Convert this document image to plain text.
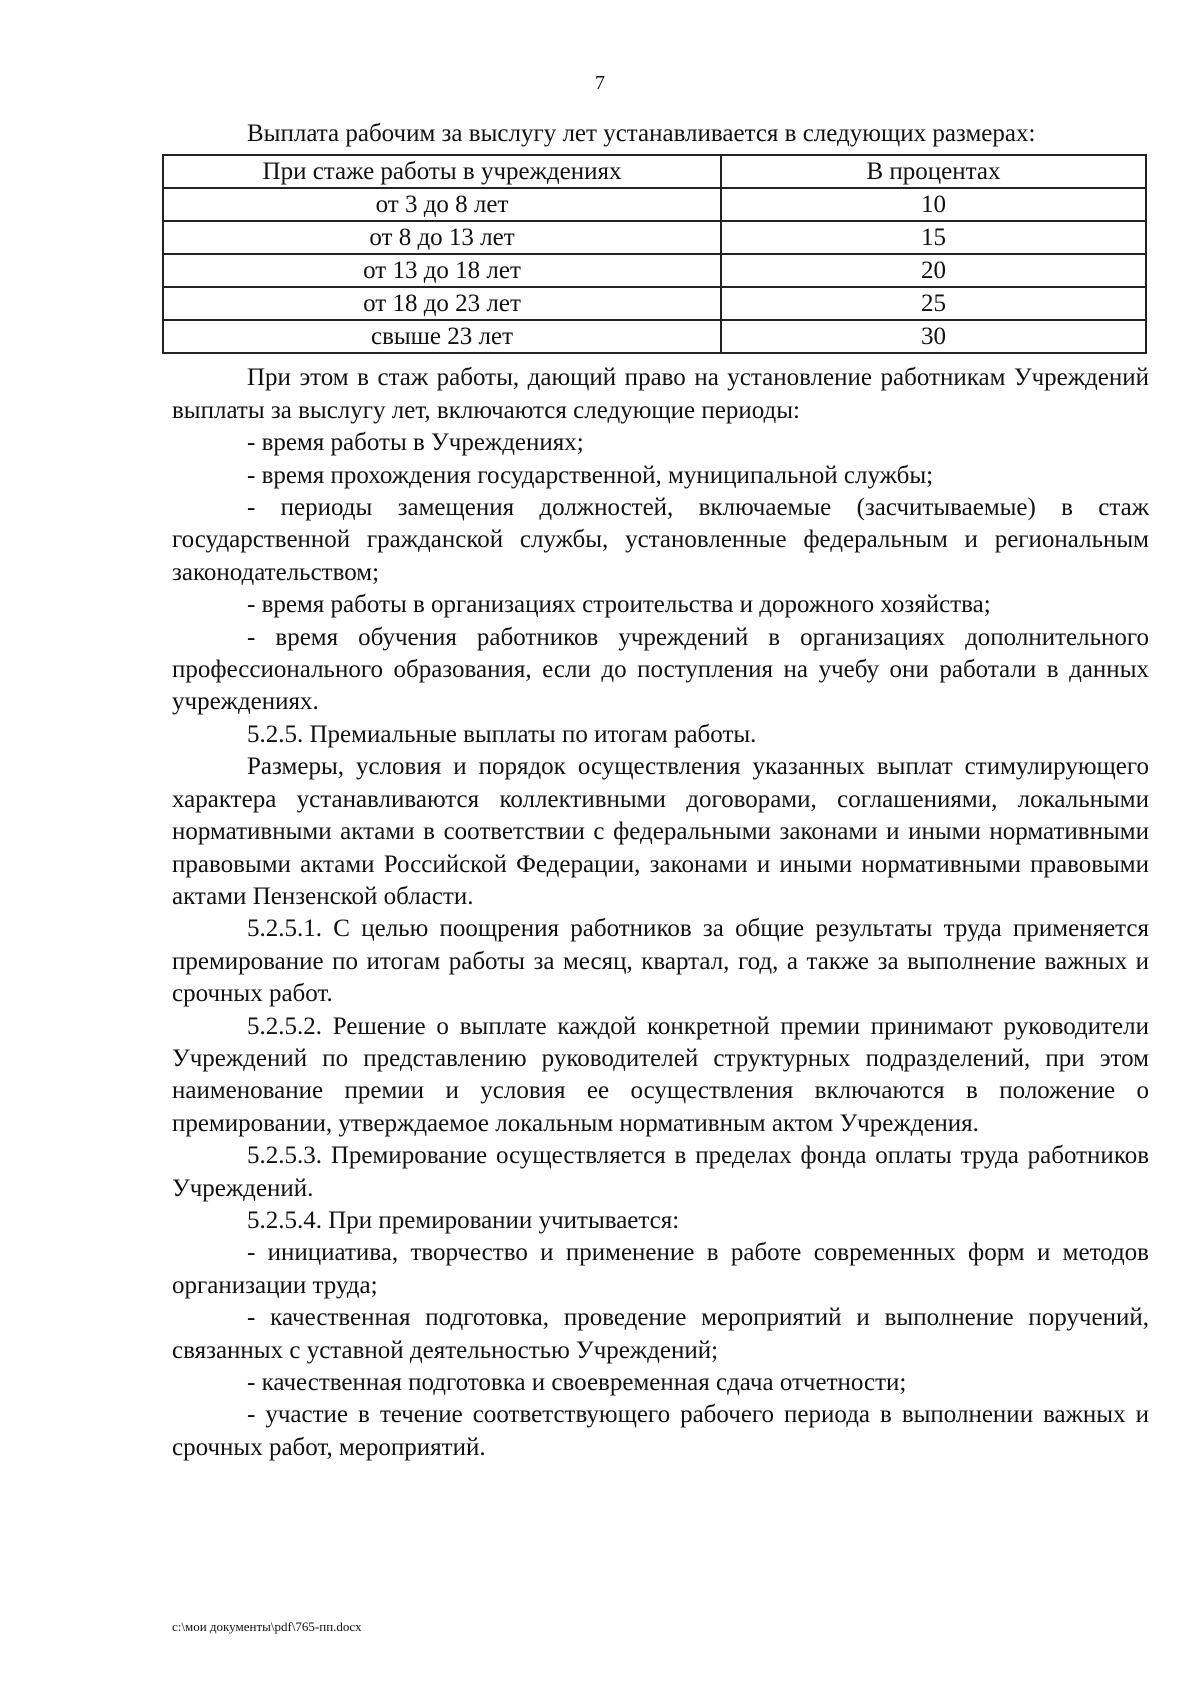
7

Выплата рабочим за выслугу лет устанавливается в следующих размерах:

При стаже работы в учреждениях	В процентах
от 3 до 8 лет	10
от 8 до 13 лет	15
от 13 до 18 лет	20
от 18 до 23 лет	25
свыше 23 лет	30

При этом в стаж работы, дающий право на установление работникам Учреждений выплаты за выслугу лет, включаются следующие периоды:

- время работы в Учреждениях;

- время прохождения государственной, муниципальной службы;

- периоды замещения должностей, включаемые (засчитываемые) в стаж государственной гражданской службы, установленные федеральным и региональным законодательством;

- время работы в организациях строительства и дорожного хозяйства;

- время обучения работников учреждений в организациях дополнительного профессионального образования, если до поступления на учебу они работали в данных учреждениях.

5.2.5. Премиальные выплаты по итогам работы.

Размеры, условия и порядок осуществления указанных выплат стимулирующего характера устанавливаются коллективными договорами, соглашениями, локальными нормативными актами в соответствии с федеральными законами и иными нормативными правовыми актами Российской Федерации, законами и иными нормативными правовыми актами Пензенской области.

5.2.5.1. С целью поощрения работников за общие результаты труда применяется премирование по итогам работы за месяц, квартал, год, а также за выполнение важных и срочных работ.

5.2.5.2. Решение о выплате каждой конкретной премии принимают руководители Учреждений по представлению руководителей структурных подразделений, при этом наименование премии и условия ее осуществления включаются в положение о премировании, утверждаемое локальным нормативным актом Учреждения.

5.2.5.3. Премирование осуществляется в пределах фонда оплаты труда работников Учреждений.

5.2.5.4. При премировании учитывается:

- инициатива, творчество и применение в работе современных форм и методов организации труда;

- качественная подготовка, проведение мероприятий и выполнение поручений, связанных с уставной деятельностью Учреждений;

- качественная подготовка и своевременная сдача отчетности;

- участие в течение соответствующего рабочего периода в выполнении важных и срочных работ, мероприятий.

c:\мои документы\pdf\765-пп.docx
